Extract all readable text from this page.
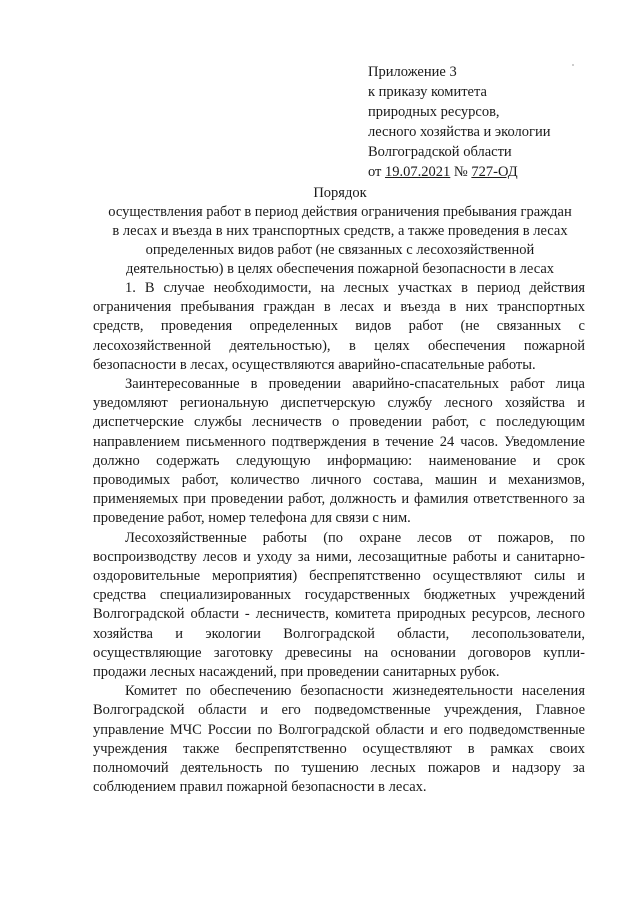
Приложение 3
к приказу комитета
природных ресурсов,
лесного хозяйства и экологии
Волгоградской области
от 19.07.2021 № 727-ОД
Порядок
осуществления работ в период действия ограничения пребывания граждан
в лесах и въезда в них транспортных средств, а также проведения в лесах
определенных видов работ (не связанных с лесохозяйственной
деятельностью) в целях обеспечения пожарной безопасности в лесах

1. В случае необходимости, на лесных участках в период действия ограничения пребывания граждан в лесах и въезда в них транспортных средств, проведения определенных видов работ (не связанных с лесохозяйственной деятельностью), в целях обеспечения пожарной безопасности в лесах, осуществляются аварийно-спасательные работы.

Заинтересованные в проведении аварийно-спасательных работ лица уведомляют региональную диспетчерскую службу лесного хозяйства и диспетчерские службы лесничеств о проведении работ, с последующим направлением письменного подтверждения в течение 24 часов. Уведомление должно содержать следующую информацию: наименование и срок проводимых работ, количество личного состава, машин и механизмов, применяемых при проведении работ, должность и фамилия ответственного за проведение работ, номер телефона для связи с ним.

Лесохозяйственные работы (по охране лесов от пожаров, по воспроизводству лесов и уходу за ними, лесозащитные работы и санитарно-оздоровительные мероприятия) беспрепятственно осуществляют силы и средства специализированных государственных бюджетных учреждений Волгоградской области - лесничеств, комитета природных ресурсов, лесного хозяйства и экологии Волгоградской области, лесопользователи, осуществляющие заготовку древесины на основании договоров купли-продажи лесных насаждений, при проведении санитарных рубок.

Комитет по обеспечению безопасности жизнедеятельности населения Волгоградской области и его подведомственные учреждения, Главное управление МЧС России по Волгоградской области и его подведомственные учреждения также беспрепятственно осуществляют в рамках своих полномочий деятельность по тушению лесных пожаров и надзору за соблюдением правил пожарной безопасности в лесах.
